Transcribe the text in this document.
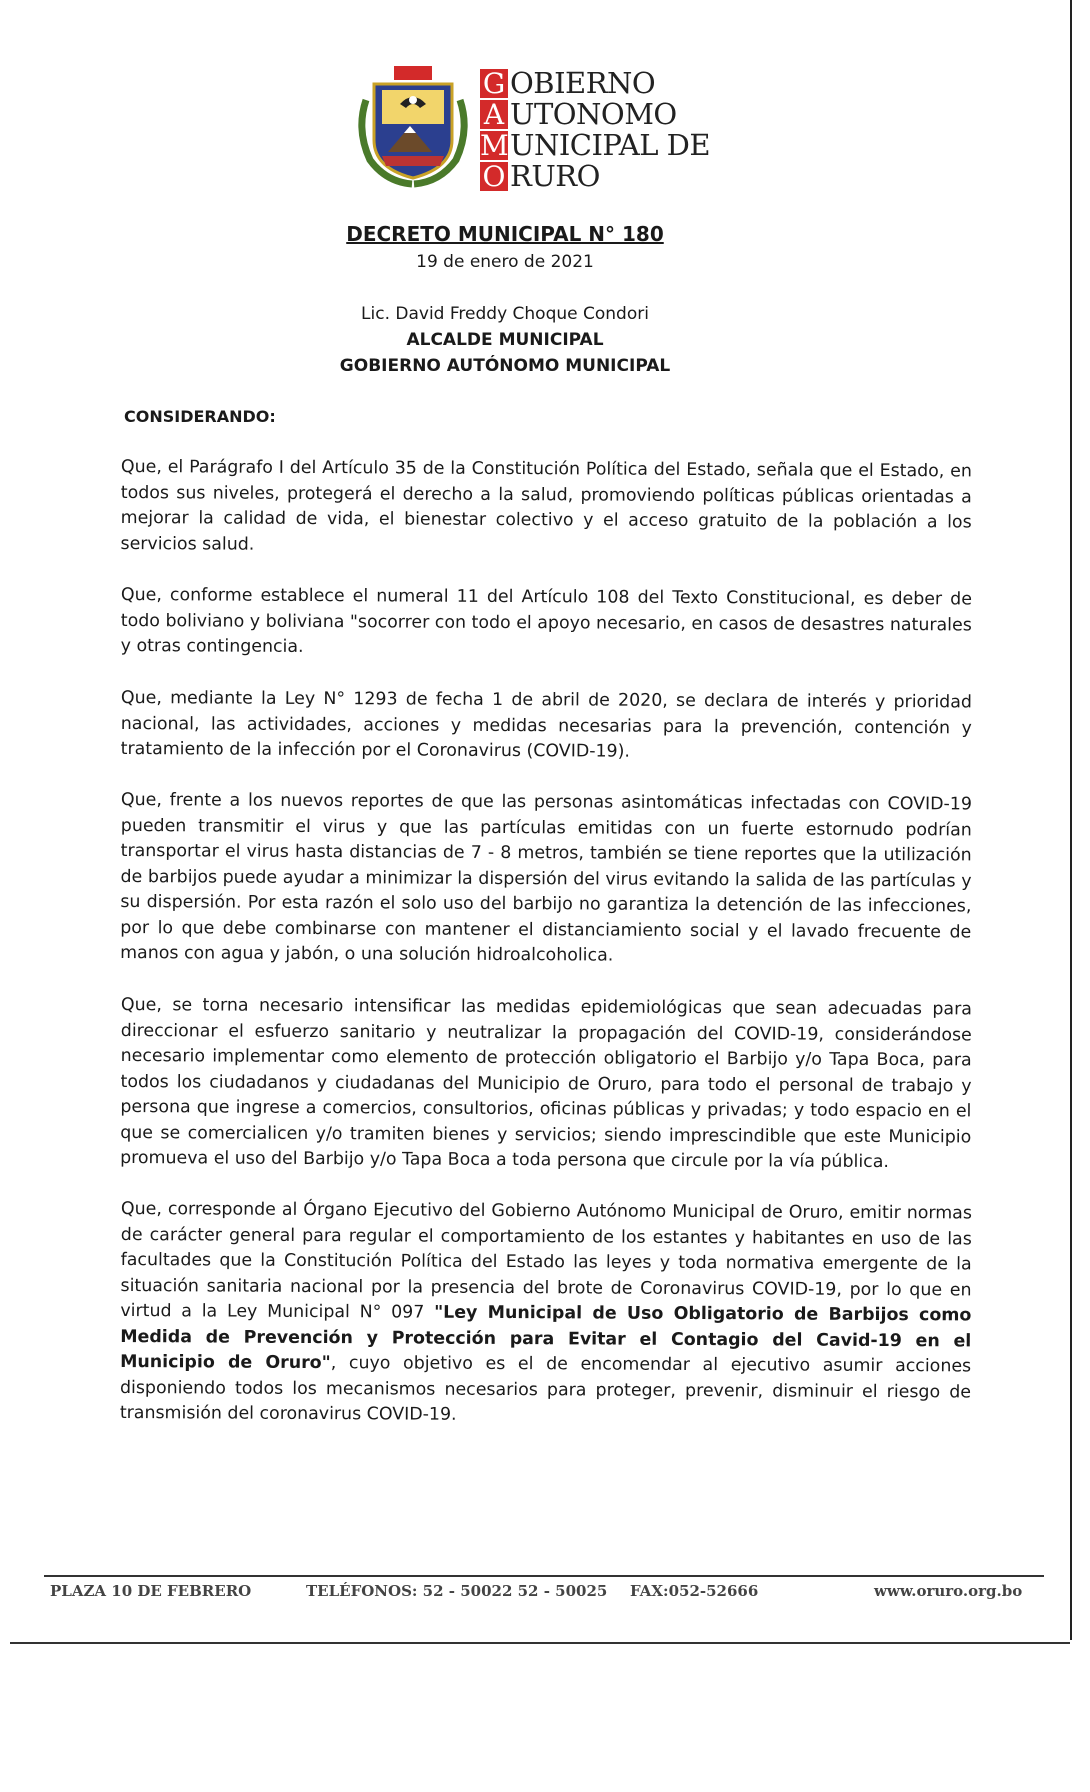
G OBIERNO
A UTONOMO
M UNICIPAL DE
O RURO
DECRETO MUNICIPAL N° 180
19 de enero de 2021
Lic. David Freddy Choque Condori
ALCALDE MUNICIPAL
GOBIERNO AUTÓNOMO MUNICIPAL
CONSIDERANDO:

Que, el Parágrafo I del Artículo 35 de la Constitución Política del Estado, señala que el Estado, en todos sus niveles, protegerá el derecho a la salud, promoviendo políticas públicas orientadas a mejorar la calidad de vida, el bienestar colectivo y el acceso gratuito de la población a los servicios salud.

Que, conforme establece el numeral 11 del Artículo 108 del Texto Constitucional, es deber de todo boliviano y boliviana "socorrer con todo el apoyo necesario, en casos de desastres naturales y otras contingencia.

Que, mediante la Ley N° 1293 de fecha 1 de abril de 2020, se declara de interés y prioridad nacional, las actividades, acciones y medidas necesarias para la prevención, contención y tratamiento de la infección por el Coronavirus (COVID-19).

Que, frente a los nuevos reportes de que las personas asintomáticas infectadas con COVID-19 pueden transmitir el virus y que las partículas emitidas con un fuerte estornudo podrían transportar el virus hasta distancias de 7 - 8 metros, también se tiene reportes que la utilización de barbijos puede ayudar a minimizar la dispersión del virus evitando la salida de las partículas y su dispersión. Por esta razón el solo uso del barbijo no garantiza la detención de las infecciones, por lo que debe combinarse con mantener el distanciamiento social y el lavado frecuente de manos con agua y jabón, o una solución hidroalcoholica.

Que, se torna necesario intensificar las medidas epidemiológicas que sean adecuadas para direccionar el esfuerzo sanitario y neutralizar la propagación del COVID-19, considerándose necesario implementar como elemento de protección obligatorio el Barbijo y/o Tapa Boca, para todos los ciudadanos y ciudadanas del Municipio de Oruro, para todo el personal de trabajo y persona que ingrese a comercios, consultorios, oficinas públicas y privadas; y todo espacio en el que se comercialicen y/o tramiten bienes y servicios; siendo imprescindible que este Municipio promueva el uso del Barbijo y/o Tapa Boca a toda persona que circule por la vía pública.

Que, corresponde al Órgano Ejecutivo del Gobierno Autónomo Municipal de Oruro, emitir normas de carácter general para regular el comportamiento de los estantes y habitantes en uso de las facultades que la Constitución Política del Estado las leyes y toda normativa emergente de la situación sanitaria nacional por la presencia del brote de Coronavirus COVID-19, por lo que en virtud a la Ley Municipal N° 097 "Ley Municipal de Uso Obligatorio de Barbijos como Medida de Prevención y Protección para Evitar el Contagio del Cavid-19 en el Municipio de Oruro", cuyo objetivo es el de encomendar al ejecutivo asumir acciones disponiendo todos los mecanismos necesarios para proteger, prevenir, disminuir el riesgo de transmisión del coronavirus COVID-19.

PLAZA 10 DE FEBRERO	TELÉFONOS: 52 - 50022 52 - 50025 FAX:052-52666	www.oruro.org.bo
